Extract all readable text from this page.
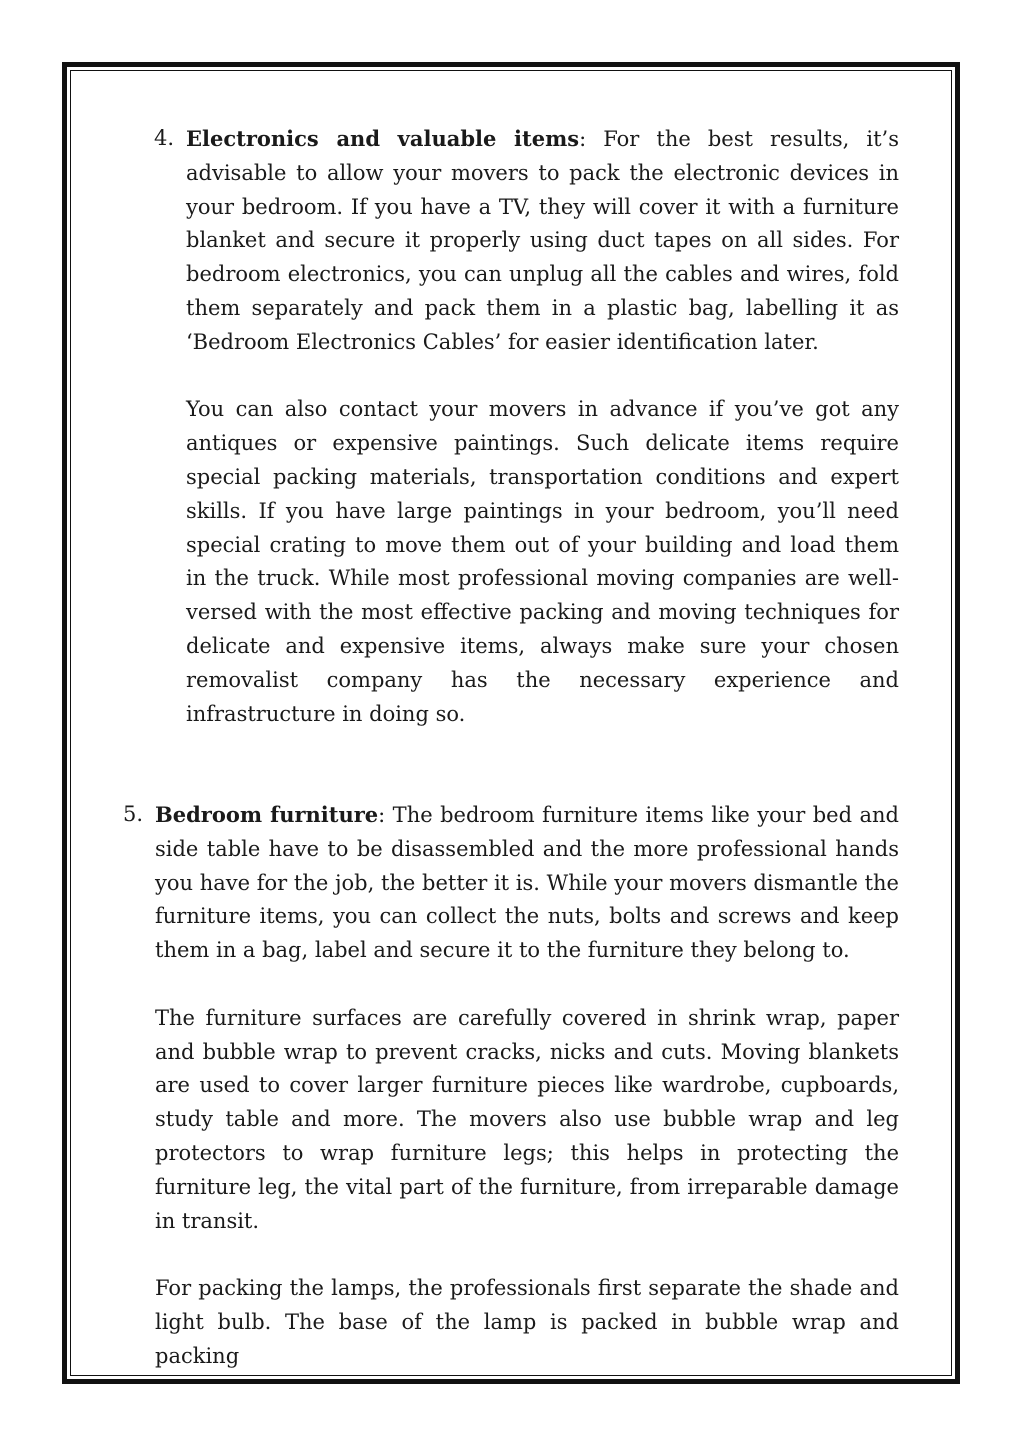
4. Electronics and valuable items: For the best results, it’s advisable to allow your movers to pack the electronic devices in your bedroom. If you have a TV, they will cover it with a furniture blanket and secure it properly using duct tapes on all sides. For bedroom electronics, you can unplug all the cables and wires, fold them separately and pack them in a plastic bag, labelling it as ‘Bedroom Electronics Cables’ for easier identification later.

You can also contact your movers in advance if you’ve got any antiques or expensive paintings. Such delicate items require special packing materials, transportation conditions and expert skills. If you have large paintings in your bedroom, you’ll need special crating to move them out of your building and load them in the truck. While most professional moving companies are well-versed with the most effective packing and moving techniques for delicate and expensive items, always make sure your chosen removalist company has the necessary experience and infrastructure in doing so.

5. Bedroom furniture: The bedroom furniture items like your bed and side table have to be disassembled and the more professional hands you have for the job, the better it is. While your movers dismantle the furniture items, you can collect the nuts, bolts and screws and keep them in a bag, label and secure it to the furniture they belong to.

The furniture surfaces are carefully covered in shrink wrap, paper and bubble wrap to prevent cracks, nicks and cuts. Moving blankets are used to cover larger furniture pieces like wardrobe, cupboards, study table and more. The movers also use bubble wrap and leg protectors to wrap furniture legs; this helps in protecting the furniture leg, the vital part of the furniture, from irreparable damage in transit.

For packing the lamps, the professionals first separate the shade and light bulb. The base of the lamp is packed in bubble wrap and packing
